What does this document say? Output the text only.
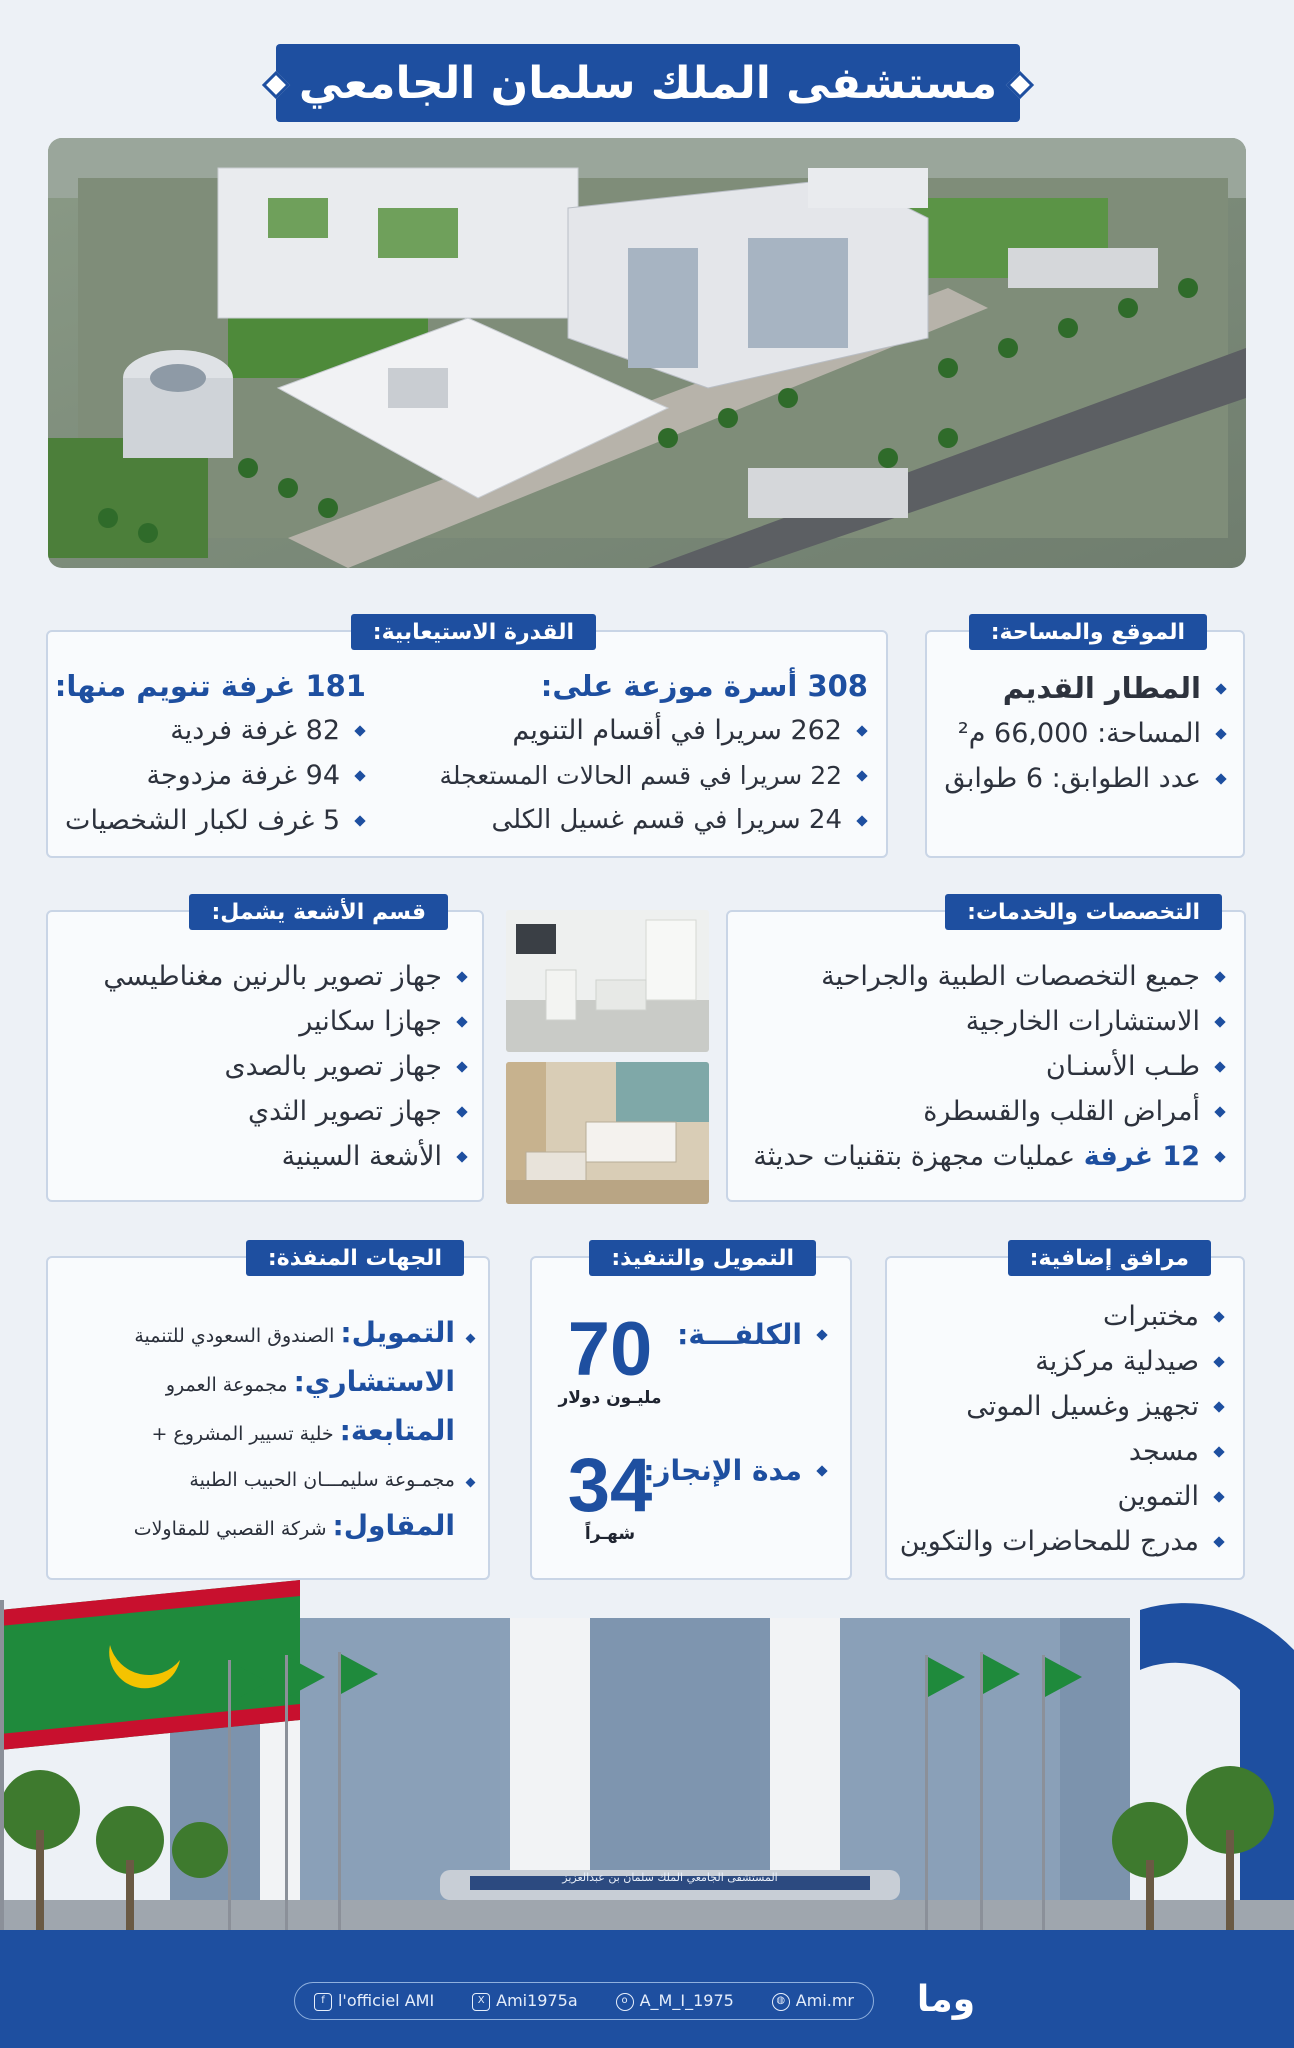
مستشفى الملك سلمان الجامعي
الموقع والمساحة:
المطار القديم
المساحة: 66,000 م²
عدد الطوابق: 6 طوابق
القدرة الاستيعابية:
308 أسرة موزعة على:
262 سريرا في أقسام التنويم
22 سريرا في قسم الحالات المستعجلة
24 سريرا في قسم غسيل الكلى
181 غرفة تنويم منها:
82 غرفة فردية
94 غرفة مزدوجة
5 غرف لكبار الشخصيات
التخصصات والخدمات:
جميع التخصصات الطبية والجراحية
الاستشارات الخارجية
طـب الأسنـان
أمراض القلب والقسطرة
12 غرفة عمليات مجهزة بتقنيات حديثة
قسم الأشعة يشمل:
جهاز تصوير بالرنين مغناطيسي
جهازا سكانير
جهاز تصوير بالصدى
جهاز تصوير الثدي
الأشعة السينية
مرافق إضافية:
مختبرات
صيدلية مركزية
تجهيز وغسيل الموتى
مسجد
التموين
مدرج للمحاضرات والتكوين
التمويل والتنفيذ:
الكلفـــة:
70
مليـون دولار
مدة الإنجاز:
34
شهـراً
الجهات المنفذة:
التمويل: الصندوق السعودي للتنمية
الاستشاري: مجموعة العمرو
المتابعة: خلية تسيير المشروع +
مجمـوعة سليمـــان الحبيب الطبية
المقاول: شركة القصبي للمقاولات
المستشفى الجامعي الملك سلمان بن عبدالعزيز
f l'officiel AMI	X Ami1975a	o A_M_I_1975	◍ Ami.mr وما
